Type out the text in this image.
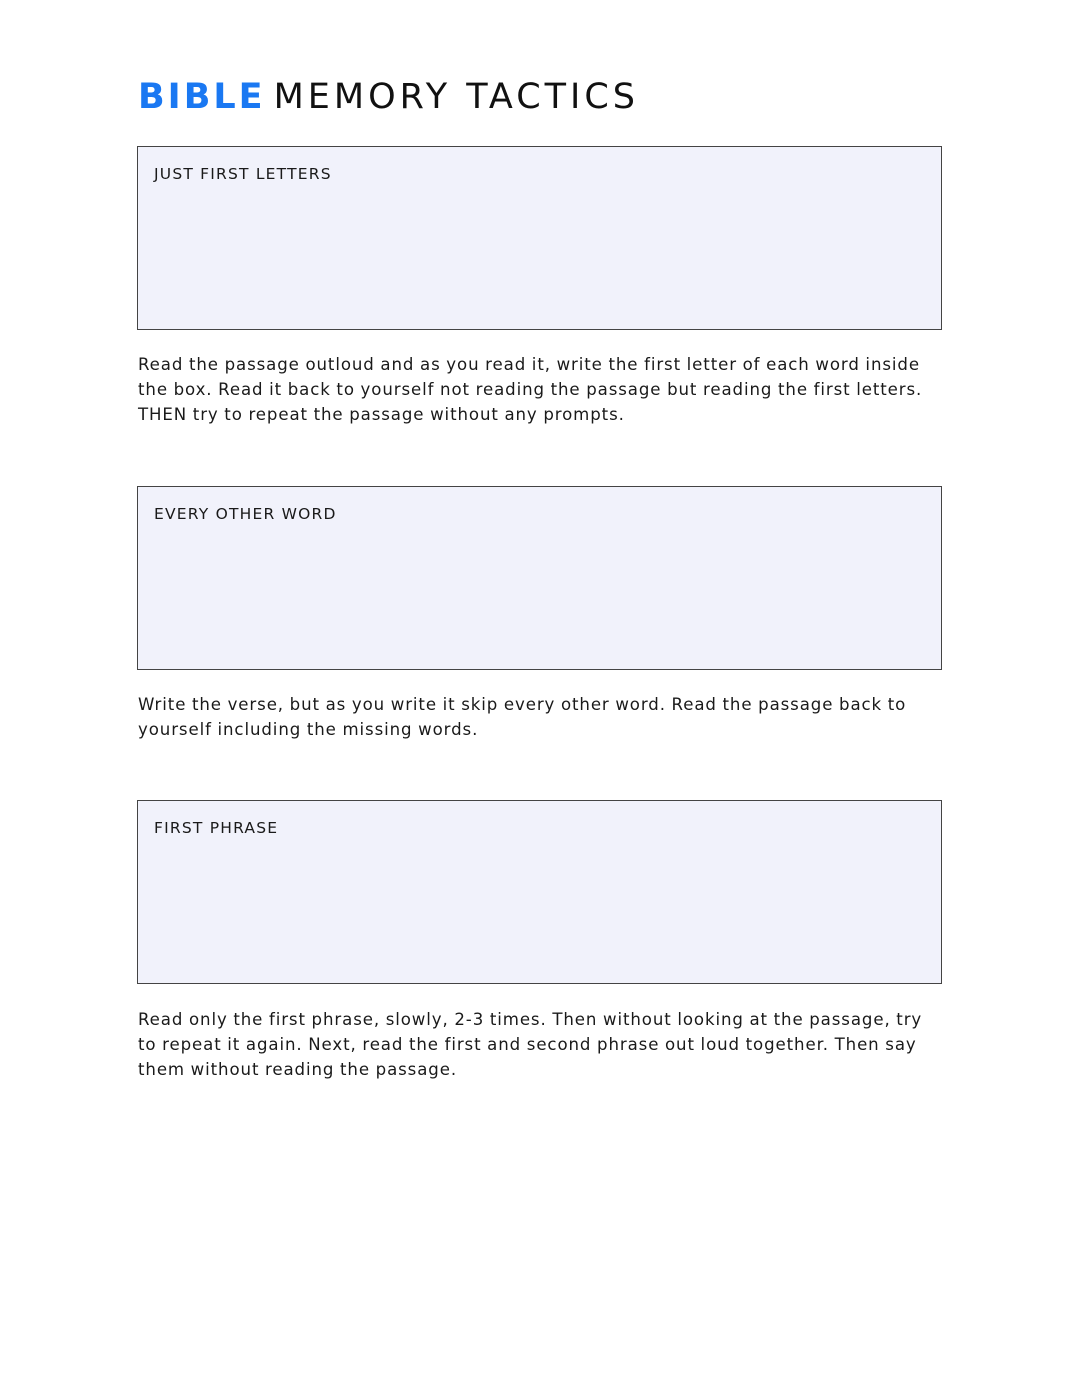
BIBLE MEMORY TACTICS
JUST FIRST LETTERS

Read the passage outloud and as you read it, write the first letter of each word inside the box. Read it back to yourself not reading the passage but reading the first letters. THEN try to repeat the passage without any prompts.

EVERY OTHER WORD

Write the verse, but as you write it skip every other word. Read the passage back to yourself including the missing words.

FIRST PHRASE

Read only the first phrase, slowly, 2-3 times. Then without looking at the passage, try to repeat it again. Next, read the first and second phrase out loud together. Then say them without reading the passage.
